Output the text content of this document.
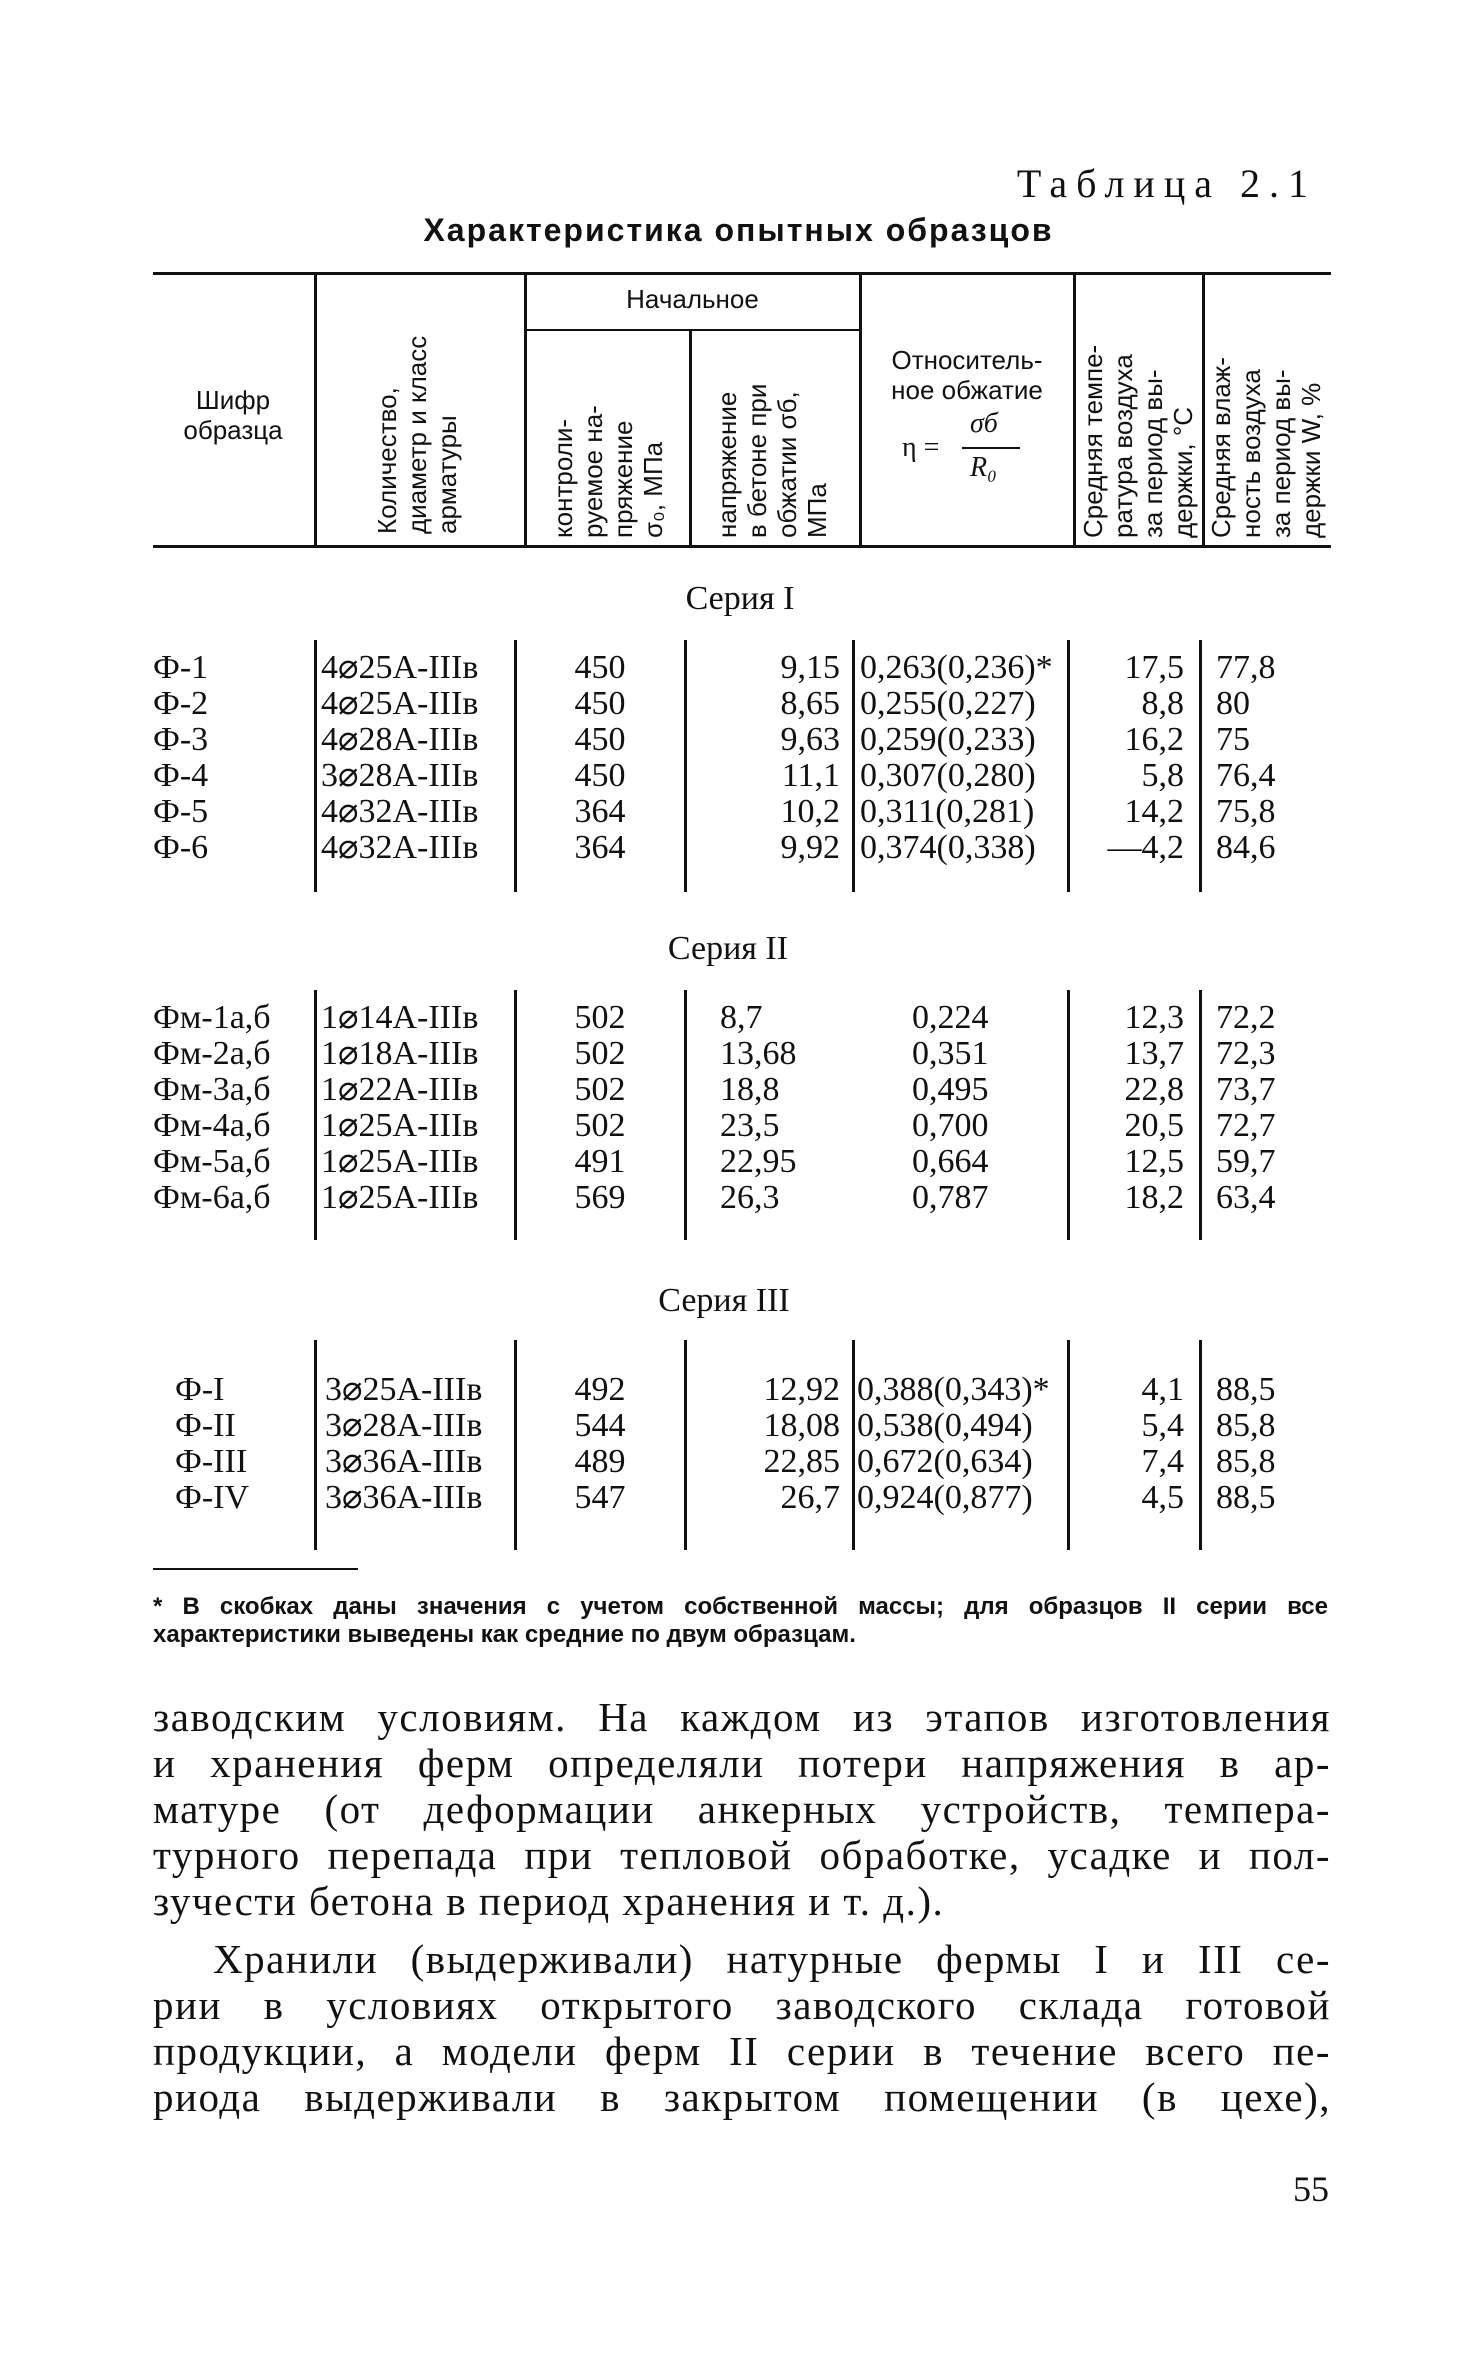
Таблица 2.1
Характеристика опытных образцов
Шифр образца	Количество, диаметр и класс арматуры
Начальное
контроли- руемое на- пряжение σ₀, МПа напряжение в бетоне при обжатии σб, МПа
Относитель-
ное обжатие
η =
σб
R₀	Средняя темпе- ратура воздуха за период вы- держки, °С Средняя влаж- ность воздуха за период вы- держки W, %
Серия I
Ф-1
Ф-2
Ф-3
Ф-4
Ф-5
Ф-6
4⌀25А-IIIв
4⌀25А-IIIв
4⌀28А-IIIв
3⌀28А-IIIв
4⌀32А-IIIв
4⌀32А-IIIв
450
450
450
450
364
364
9,15
8,65
9,63
11,1
10,2
9,92
0,263(0,236)*
0,255(0,227)
0,259(0,233)
0,307(0,280)
0,311(0,281)
0,374(0,338)
17,5
8,8
16,2
5,8
14,2
—4,2
77,8
80
75
76,4
75,8
84,6
Серия II
Фм-1а,б
Фм-2а,б
Фм-3а,б
Фм-4а,б
Фм-5а,б
Фм-6а,б
1⌀14А-IIIв
1⌀18А-IIIв
1⌀22А-IIIв
1⌀25А-IIIв
1⌀25А-IIIв
1⌀25А-IIIв
502
502
502
502
491
569
8,7
13,68
18,8
23,5
22,95
26,3
0,224
0,351
0,495
0,700
0,664
0,787
12,3
13,7
22,8
20,5
12,5
18,2
72,2
72,3
73,7
72,7
59,7
63,4
Серия III
Ф-I
Ф-II
Ф-III
Ф-IV
3⌀25А-IIIв
3⌀28А-IIIв
3⌀36А-IIIв
3⌀36А-IIIв
492
544
489
547
12,92
18,08
22,85
26,7
0,388(0,343)*
0,538(0,494)
0,672(0,634)
0,924(0,877)
4,1
5,4
7,4
4,5
88,5
85,8
85,8
88,5
* В скобках даны значения с учетом собственной массы; для образцов II серии все характеристики выведены как средние по двум образцам.
заводским условиям. На каждом из этапов изготовления
и хранения ферм определяли потери напряжения в ар-
матуре (от деформации анкерных устройств, темпера-
турного перепада при тепловой обработке, усадке и пол-
зучести бетона в период хранения и т. д.).
Хранили (выдерживали) натурные фермы I и III се-
рии в условиях открытого заводского склада готовой
продукции, а модели ферм II серии в течение всего пе-
риода выдерживали в закрытом помещении (в цехе),
55
